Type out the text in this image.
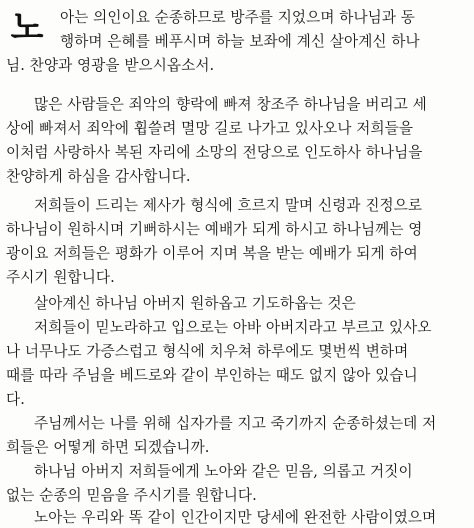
노	아는 의인이요 순종하므로 방주를 지었으며 하나님과 동
행하며 은혜를 베푸시며 하늘 보좌에 계신 살아계신 하나
님. 찬양과 영광을 받으시옵소서.
많은 사람들은 죄악의 향락에 빠져 창조주 하나님을 버리고 세
상에 빠져서 죄악에 휩쓸려 멸망 길로 나가고 있사오나 저희들을
이처럼 사랑하사 복된 자리에 소망의 전당으로 인도하사 하나님을
찬양하게 하심을 감사합니다.
저희들이 드리는 제사가 형식에 흐르지 말며 신령과 진정으로
하나님이 원하시며 기뻐하시는 예배가 되게 하시고 하나님께는 영
광이요 저희들은 평화가 이루어 지며 복을 받는 예배가 되게 하여
주시기 원합니다.
살아계신 하나님 아버지 원하옵고 기도하옵는 것은
저희들이 믿노라하고 입으로는 아바 아버지라고 부르고 있사오
나 너무나도 가증스럽고 형식에 치우쳐 하루에도 몇번씩 변하며
때를 따라 주님을 베드로와 같이 부인하는 때도 없지 않아 있습니
다.
주님께서는 나를 위해 십자가를 지고 죽기까지 순종하셨는데 저
희들은 어떻게 하면 되겠습니까.
하나님 아버지 저희들에게 노아와 같은 믿음, 의롭고 거짓이
없는 순종의 믿음을 주시기를 원합니다.
노아는 우리와 똑 같이 인간이지만 당세에 완전한 사람이였으며
